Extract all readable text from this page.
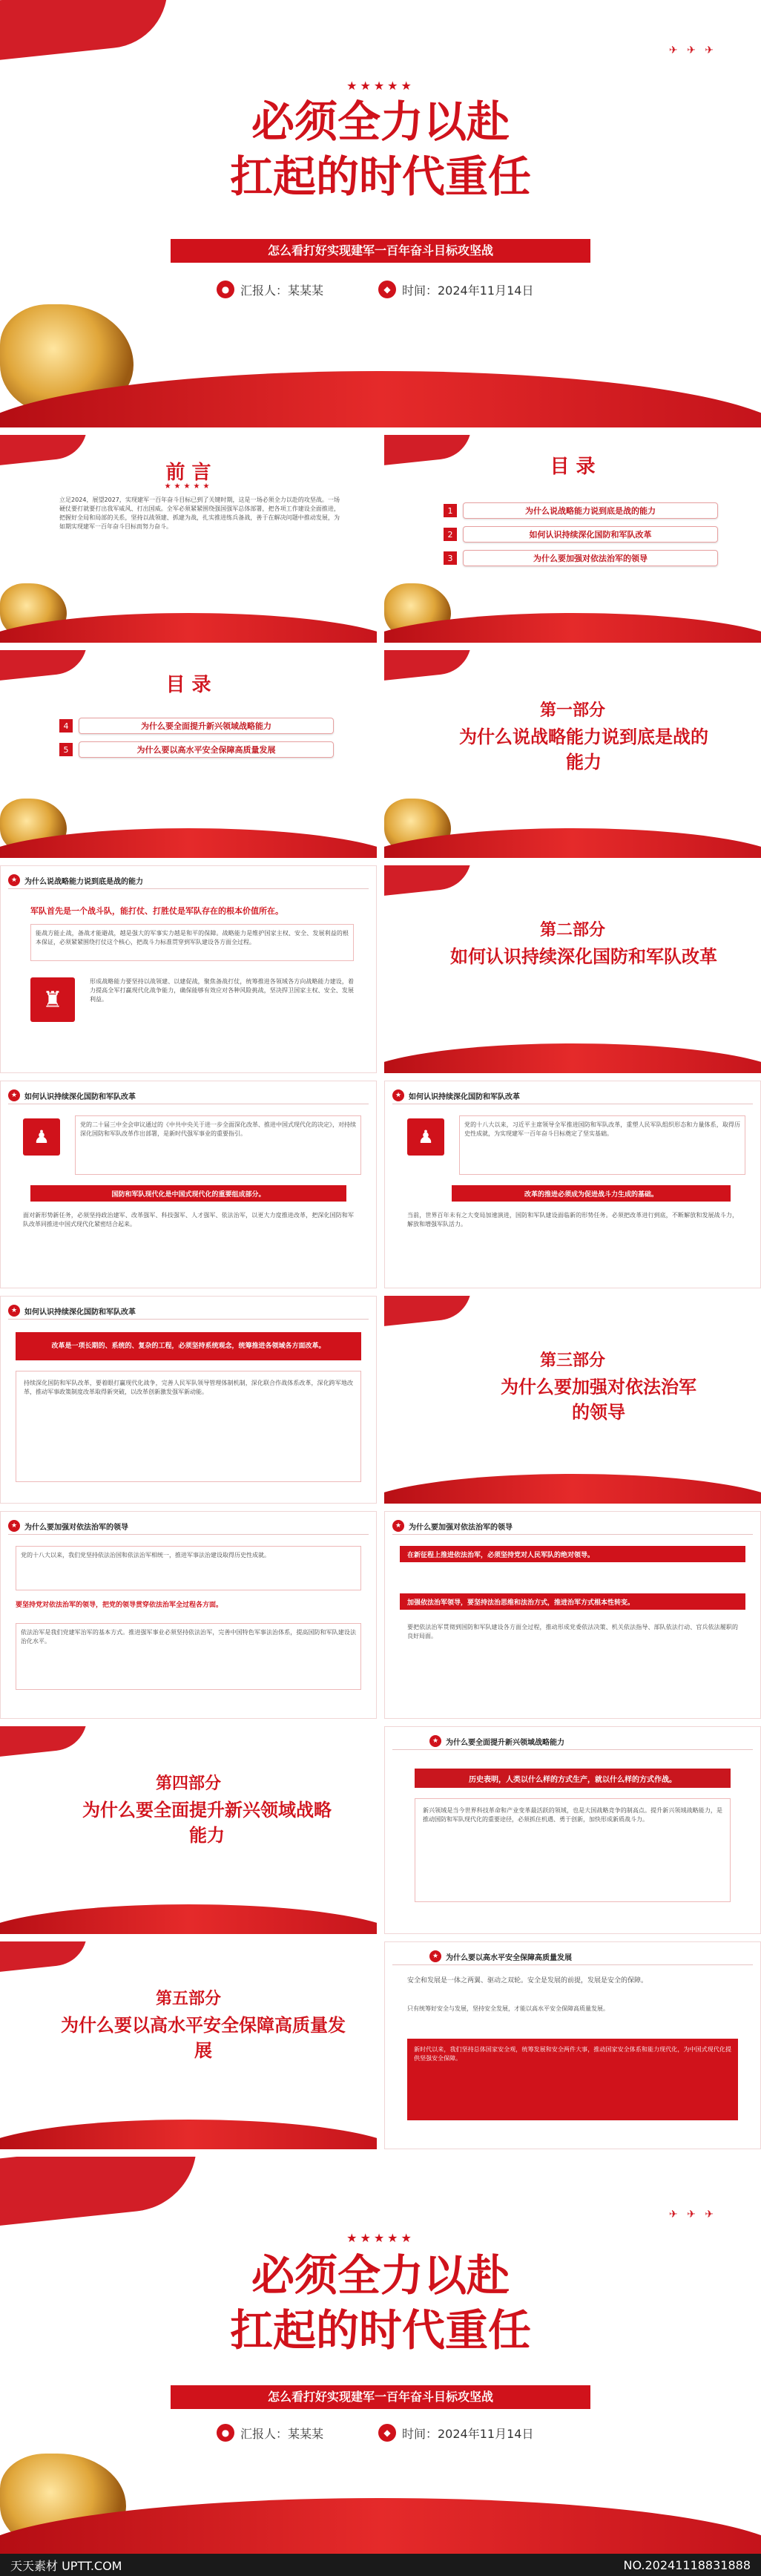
✈ ✈ ✈
★★★★★
必须全力以赴
扛起的时代重任
怎么看打好实现建军一百年奋斗目标攻坚战
● 汇报人：某某某	◆ 时间：2024年11月14日
前 言
★★★★★
立足2024，展望2027，实现建军一百年奋斗目标已到了关键时期，这是一场必须全力以赴的攻坚战。一场硬仗要打就要打出我军威风、打出国威。全军必须紧紧围绕强国强军总体部署，把各项工作建设全面推进，把握好全局和局部的关系，坚持以战领建、抓建为战，扎实推进练兵备战，善于在解决问题中推动发展，为如期实现建军一百年奋斗目标而努力奋斗。
目 录
1	为什么说战略能力说到底是战的能力
2	如何认识持续深化国防和军队改革
3	为什么要加强对依法治军的领导
目 录
4	为什么要全面提升新兴领域战略能力
5	为什么要以高水平安全保障高质量发展
第一部分
为什么说战略能力说到底是战的能力
★ 为什么说战略能力说到底是战的能力
军队首先是一个战斗队，能打仗、打胜仗是军队存在的根本价值所在。
能战方能止战，备战才能避战，越是强大的军事实力越是和平的保障。战略能力是维护国家主权、安全、发展利益的根本保证，必须紧紧围绕打仗这个核心，把战斗力标准贯穿到军队建设各方面全过程。
♜
形成战略能力要坚持以战领建、以建促战，聚焦备战打仗，统筹推进各领域各方向战略能力建设，着力提高全军打赢现代化战争能力，确保能够有效应对各种风险挑战，坚决捍卫国家主权、安全、发展利益。
第二部分
如何认识持续深化国防和军队改革
★ 如何认识持续深化国防和军队改革
♟
党的二十届三中全会审议通过的《中共中央关于进一步全面深化改革、推进中国式现代化的决定》，对持续深化国防和军队改革作出部署，是新时代强军事业的重要指引。
国防和军队现代化是中国式现代化的重要组成部分。
面对新形势新任务，必须坚持政治建军、改革强军、科技强军、人才强军、依法治军，以更大力度推进改革，把深化国防和军队改革同推进中国式现代化紧密结合起来。
★ 如何认识持续深化国防和军队改革
♟
党的十八大以来，习近平主席领导全军推进国防和军队改革，重塑人民军队组织形态和力量体系，取得历史性成就，为实现建军一百年奋斗目标奠定了坚实基础。
改革的推进必须成为促进战斗力生成的基础。
当前，世界百年未有之大变局加速演进，国防和军队建设面临新的形势任务。必须把改革进行到底，不断解放和发展战斗力，解放和增强军队活力。
★ 如何认识持续深化国防和军队改革
改革是一项长期的、系统的、复杂的工程，必须坚持系统观念，统筹推进各领域各方面改革。
持续深化国防和军队改革，要着眼打赢现代化战争，完善人民军队领导管理体制机制，深化联合作战体系改革，深化跨军地改革，推动军事政策制度改革取得新突破，以改革创新激发强军新动能。
第三部分
为什么要加强对依法治军的领导
★ 为什么要加强对依法治军的领导
党的十八大以来，我们党坚持依法治国和依法治军相统一，推进军事法治建设取得历史性成就。
要坚持党对依法治军的领导，把党的领导贯穿依法治军全过程各方面。
依法治军是我们党建军治军的基本方式。推进强军事业必须坚持依法治军，完善中国特色军事法治体系，提高国防和军队建设法治化水平。
★ 为什么要加强对依法治军的领导
在新征程上推进依法治军，必须坚持党对人民军队的绝对领导。
加强依法治军领导，要坚持法治思维和法治方式，推进治军方式根本性转变。
要把依法治军贯彻到国防和军队建设各方面全过程，推动形成党委依法决策、机关依法指导、部队依法行动、官兵依法履职的良好局面。
第四部分
为什么要全面提升新兴领域战略能力
★ 为什么要全面提升新兴领域战略能力
历史表明，人类以什么样的方式生产，就以什么样的方式作战。
新兴领域是当今世界科技革命和产业变革最活跃的领域，也是大国战略竞争的制高点。提升新兴领域战略能力，是推动国防和军队现代化的重要途径，必须抓住机遇、勇于创新，加快形成新质战斗力。
第五部分
为什么要以高水平安全保障高质量发展
★ 为什么要以高水平安全保障高质量发展
安全和发展是一体之两翼、驱动之双轮。安全是发展的前提，发展是安全的保障。
只有统筹好安全与发展，坚持安全发展，才能以高水平安全保障高质量发展。
新时代以来，我们坚持总体国家安全观，统筹发展和安全两件大事，推动国家安全体系和能力现代化，为中国式现代化提供坚强安全保障。
✈ ✈ ✈
★★★★★
必须全力以赴
扛起的时代重任
怎么看打好实现建军一百年奋斗目标攻坚战
● 汇报人：某某某	◆ 时间：2024年11月14日
天天素材 UPTT.COM	NO.20241118831888
